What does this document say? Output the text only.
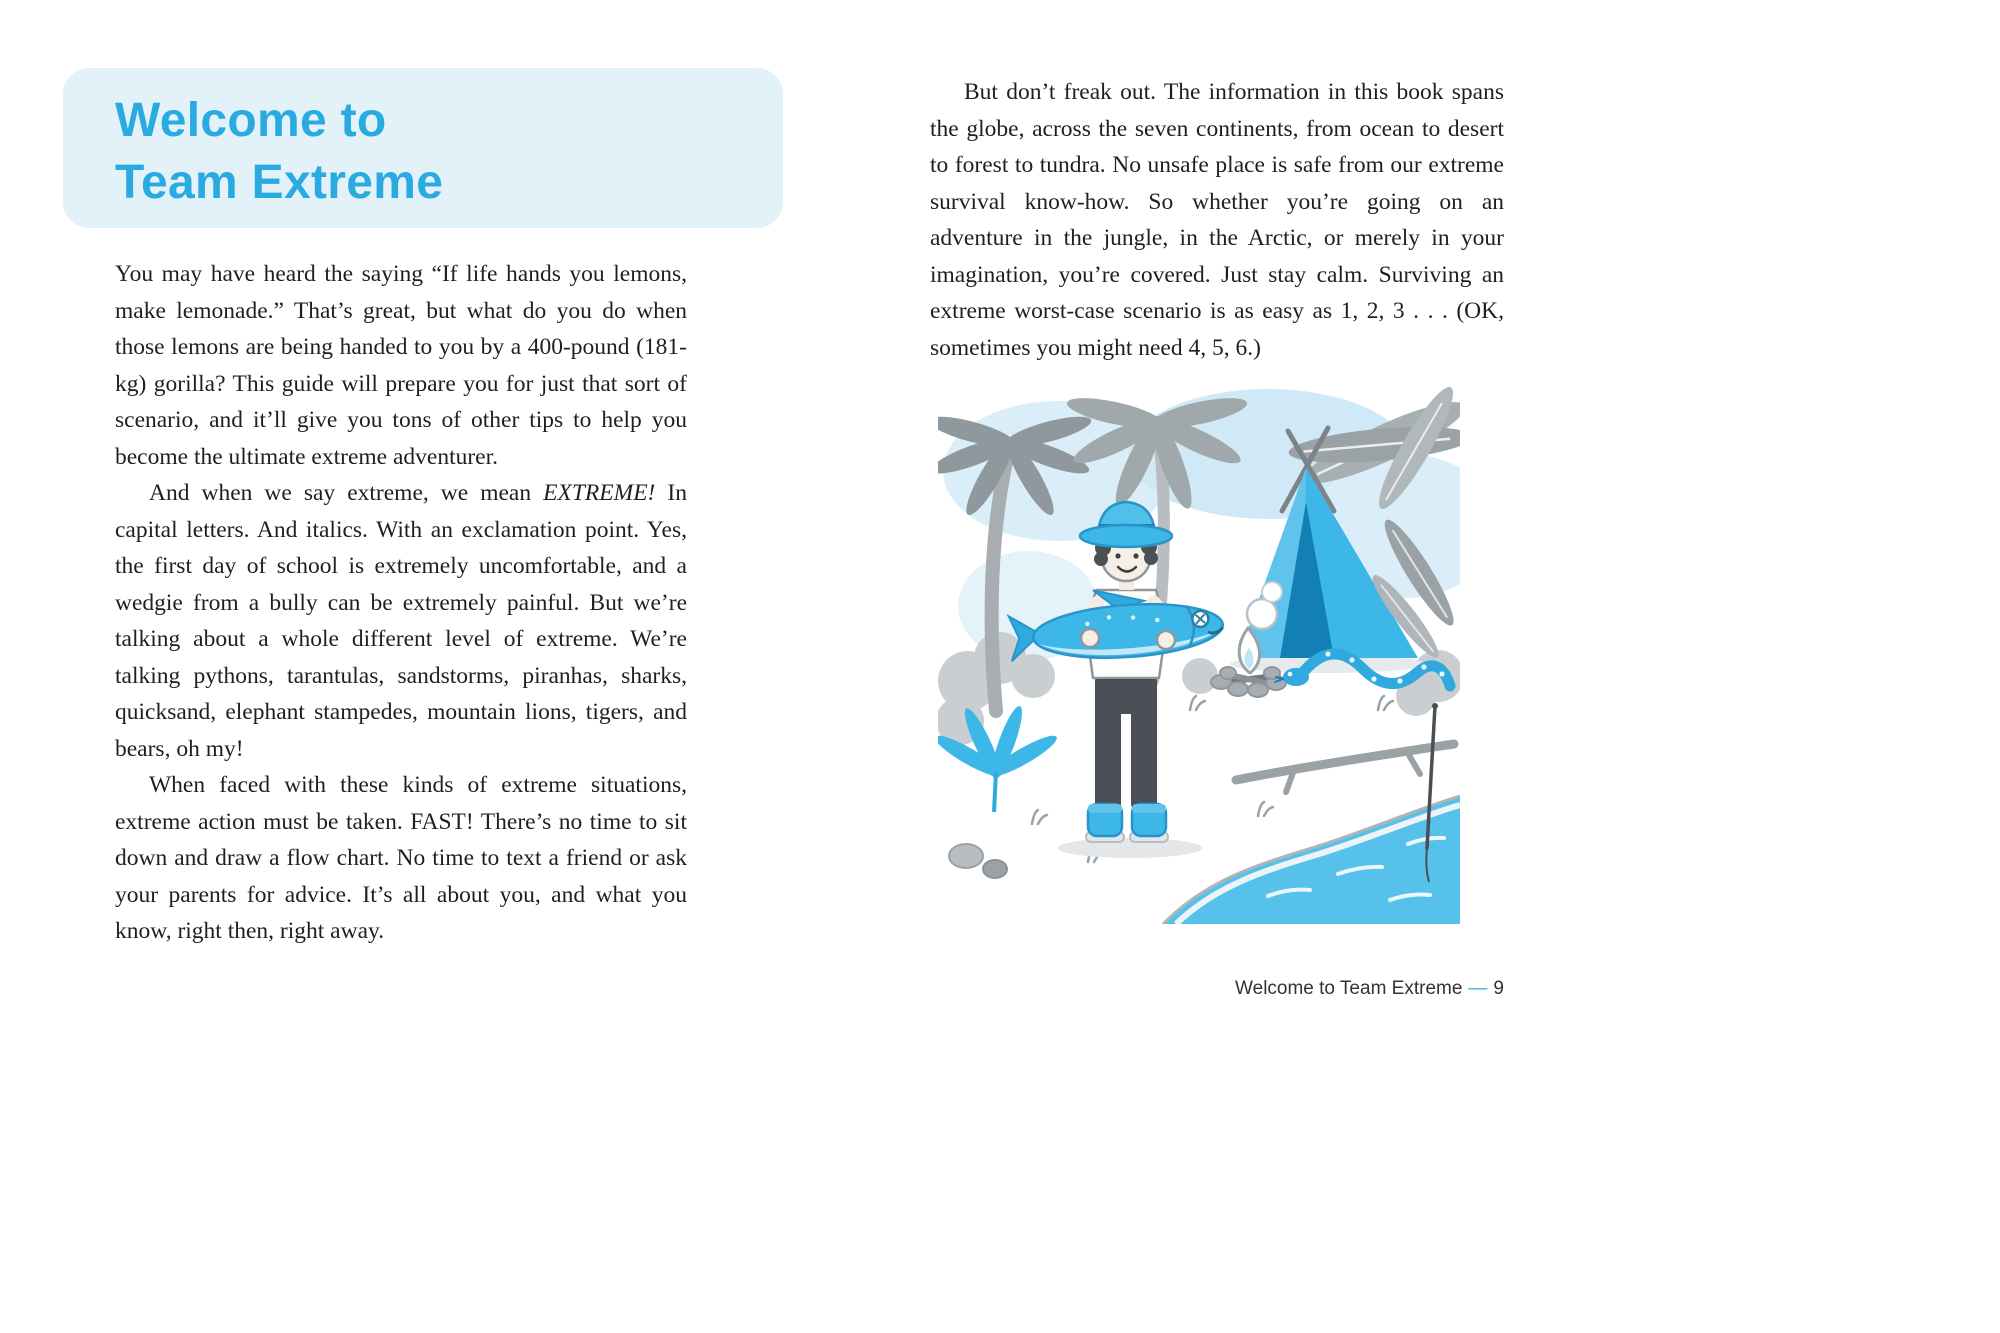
Welcome to
Team Extreme

You may have heard the saying “If life hands you lemons, make lemonade.” That’s great, but what do you do when those lemons are being handed to you by a 400-pound (181-kg) gorilla? This guide will prepare you for just that sort of scenario, and it’ll give you tons of other tips to help you become the ultimate extreme adventurer.

And when we say extreme, we mean EXTREME! In capital letters. And italics. With an exclamation point. Yes, the first day of school is extremely uncomfortable, and a wedgie from a bully can be extremely painful. But we’re talking about a whole different level of extreme. We’re talking pythons, tarantulas, sandstorms, piranhas, sharks, quicksand, elephant stampedes, mountain lions, tigers, and bears, oh my!

When faced with these kinds of extreme situations, extreme action must be taken. FAST! There’s no time to sit down and draw a flow chart. No time to text a friend or ask your parents for advice. It’s all about you, and what you know, right then, right away.

But don’t freak out. The information in this book spans the globe, across the seven continents, from ocean to desert to forest to tundra. No unsafe place is safe from our extreme survival know-how. So whether you’re going on an adventure in the jungle, in the Arctic, or merely in your imagination, you’re covered. Just stay calm. Surviving an extreme worst-case scenario is as easy as 1, 2, 3 . . . (OK, sometimes you might need 4, 5, 6.)

Welcome to Team Extreme — 9
